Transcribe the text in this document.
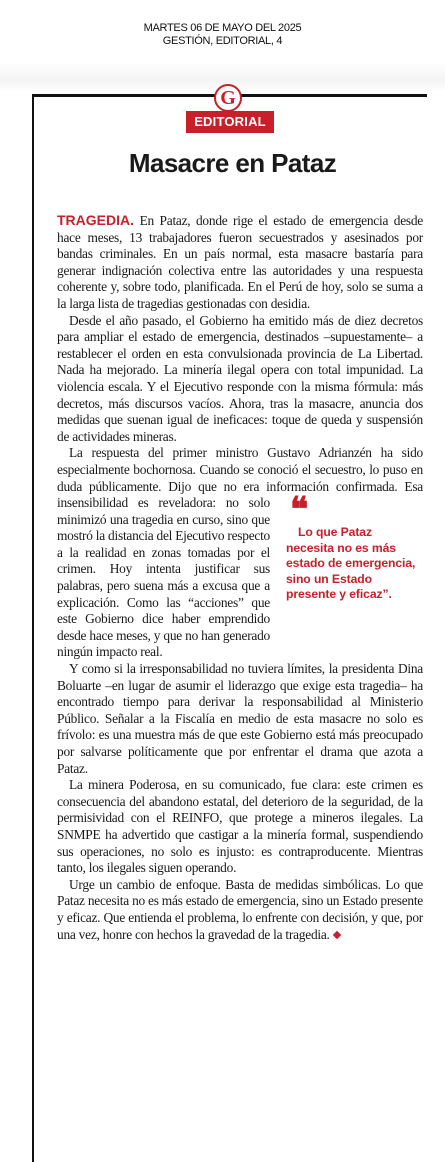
MARTES 06 DE MAYO DEL 2025
GESTIÓN, EDITORIAL, 4
G
EDITORIAL
Masacre en Pataz

TRAGEDIA. En Pataz, donde rige el estado de emergencia desde hace meses, 13 trabajadores fueron secuestrados y asesinados por bandas criminales. En un país normal, esta masacre bastaría para generar indignación colectiva entre las autoridades y una respuesta coherente y, sobre todo, planificada. En el Perú de hoy, solo se suma a la larga lista de tragedias gestionadas con desidia.

Desde el año pasado, el Gobierno ha emitido más de diez decretos para ampliar el estado de emergencia, destinados –supuestamente– a restablecer el orden en esta convulsionada provincia de La Libertad. Nada ha mejorado. La minería ilegal opera con total impunidad. La violencia escala. Y el Ejecutivo responde con la misma fórmula: más decretos, más discursos vacíos. Ahora, tras la masacre, anuncia dos medidas que suenan igual de ineficaces: toque de queda y suspensión de actividades mineras.

La respuesta del primer ministro Gustavo Adrianzén ha sido especialmente bochornosa. Cuando se conoció el secuestro, lo puso en duda públicamente. Dijo que no era información confirmada. Esa insensibilidad es reveladora:	❝
Lo que Pataz necesita no es más estado de emergencia, sino un Estado presente y eficaz”.
no solo minimizó una tragedia en curso, sino que mostró la distancia del Ejecutivo respecto a la realidad en zonas tomadas por el crimen. Hoy intenta justificar sus palabras, pero suena más a excusa que a explicación. Como las “acciones” que este Gobierno dice haber emprendido desde hace meses, y que no han generado ningún impacto real.

Y como si la irresponsabilidad no tuviera límites, la presidenta Dina Boluarte –en lugar de asumir el liderazgo que exige esta tragedia– ha encontrado tiempo para derivar la responsabilidad al Ministerio Público. Señalar a la Fiscalía en medio de esta masacre no solo es frívolo: es una muestra más de que este Gobierno está más preocupado por salvarse políticamente que por enfrentar el drama que azota a Pataz.

La minera Poderosa, en su comunicado, fue clara: este crimen es consecuencia del abandono estatal, del deterioro de la seguridad, de la permisividad con el REINFO, que protege a mineros ilegales. La SNMPE ha advertido que castigar a la minería formal, suspendiendo sus operaciones, no solo es injusto: es contraproducente. Mientras tanto, los ilegales siguen operando.

Urge un cambio de enfoque. Basta de medidas simbólicas. Lo que Pataz necesita no es más estado de emergencia, sino un Estado presente y eficaz. Que entienda el problema, lo enfrente con decisión, y que, por una vez, honre con hechos la gravedad de la tragedia.
